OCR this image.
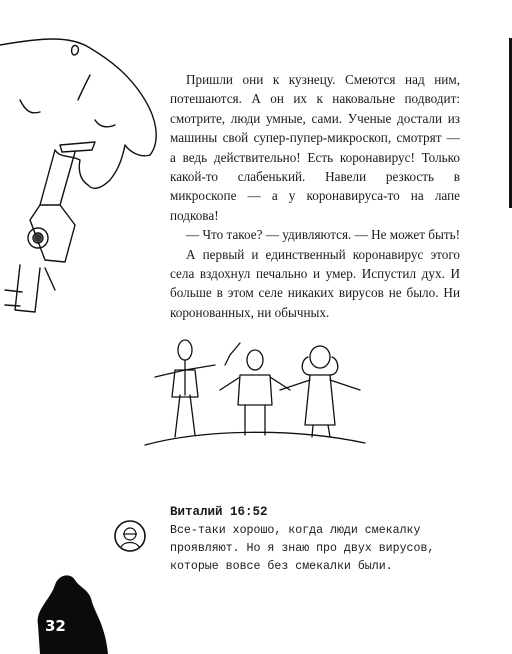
Пришли они к кузнецу. Смеются над ним, потешаются. А он их к наковальне подводит: смотрите, люди умные, сами. Ученые достали из машины свой супер-пупер-микроскоп, смотрят — а ведь действительно! Есть коронавирус! Только какой-то слабенький. Навели резкость в микроскопе — а у коронавируса-то на лапе подкова!

— Что такое? — удивляются. — Не может быть!

А первый и единственный коронавирус этого села вздохнул печально и умер. Испустил дух. И больше в этом селе никаких вирусов не было. Ни коронованных, ни обычных.

Виталий 16:52
Все-таки хорошо, когда люди смекалку проявляют. Но я знаю про двух вирусов, которые вовсе без смекалки были.
32
